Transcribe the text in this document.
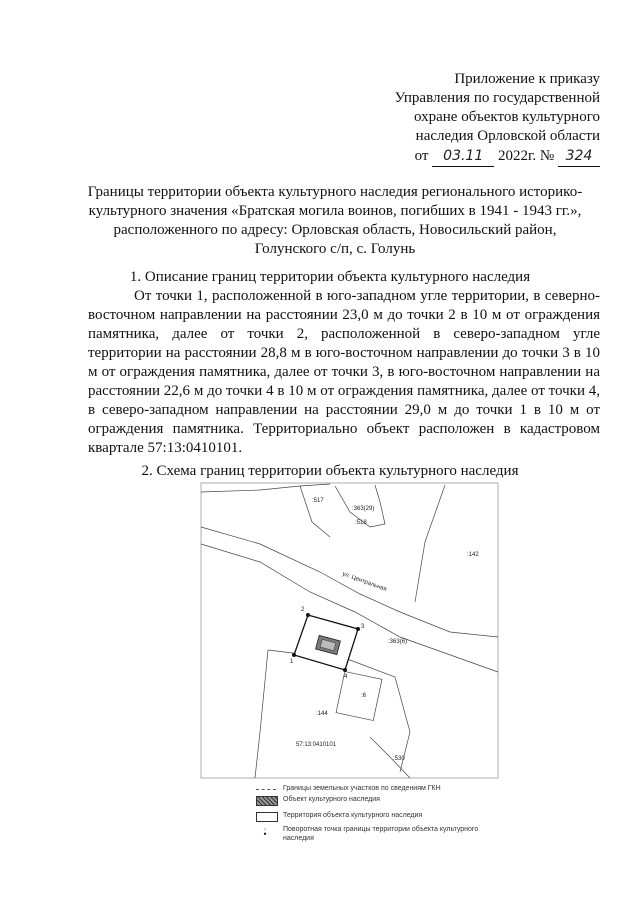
Приложение к приказу
Управления по государственной
охране объектов культурного
наследия Орловской области
от 03.11 2022г. № 324
Границы территории объекта культурного наследия регионального историко-
культурного значения «Братская могила воинов, погибших в 1941 - 1943 гг.»,
расположенного по адресу: Орловская область, Новосильский район,
Голунского с/п, с. Голунь
1. Описание границ территории объекта культурного наследия
От точки 1, расположенной в юго-западном угле территории, в северно-восточном направлении на расстоянии 23,0 м до точки 2 в 10 м от ограждения памятника, далее от точки 2, расположенной в северо-западном угле территории на расстоянии 28,8 м в юго-восточном направлении до точки 3 в 10 м от ограждения памятника, далее от точки 3, в юго-восточном направлении на расстоянии 22,6 м до точки 4 в 10 м от ограждения памятника, далее от точки 4, в северо-западном направлении на расстоянии 29,0 м до точки 1 в 10 м от ограждения памятника. Территориально объект расположен в кадастровом квартале 57:13:0410101.
2. Схема границ территории объекта культурного наследия
1
2
3
4
:517
:363(29)
:518
:142
ул. Центральная
:363(6)
:6
:144
57:13:0410101
:530
Границы земельных участков по сведениям ГКН
Объект культурного наследия
Территория объекта культурного наследия
Поворотная точка границы территории объекта культурного наследия
